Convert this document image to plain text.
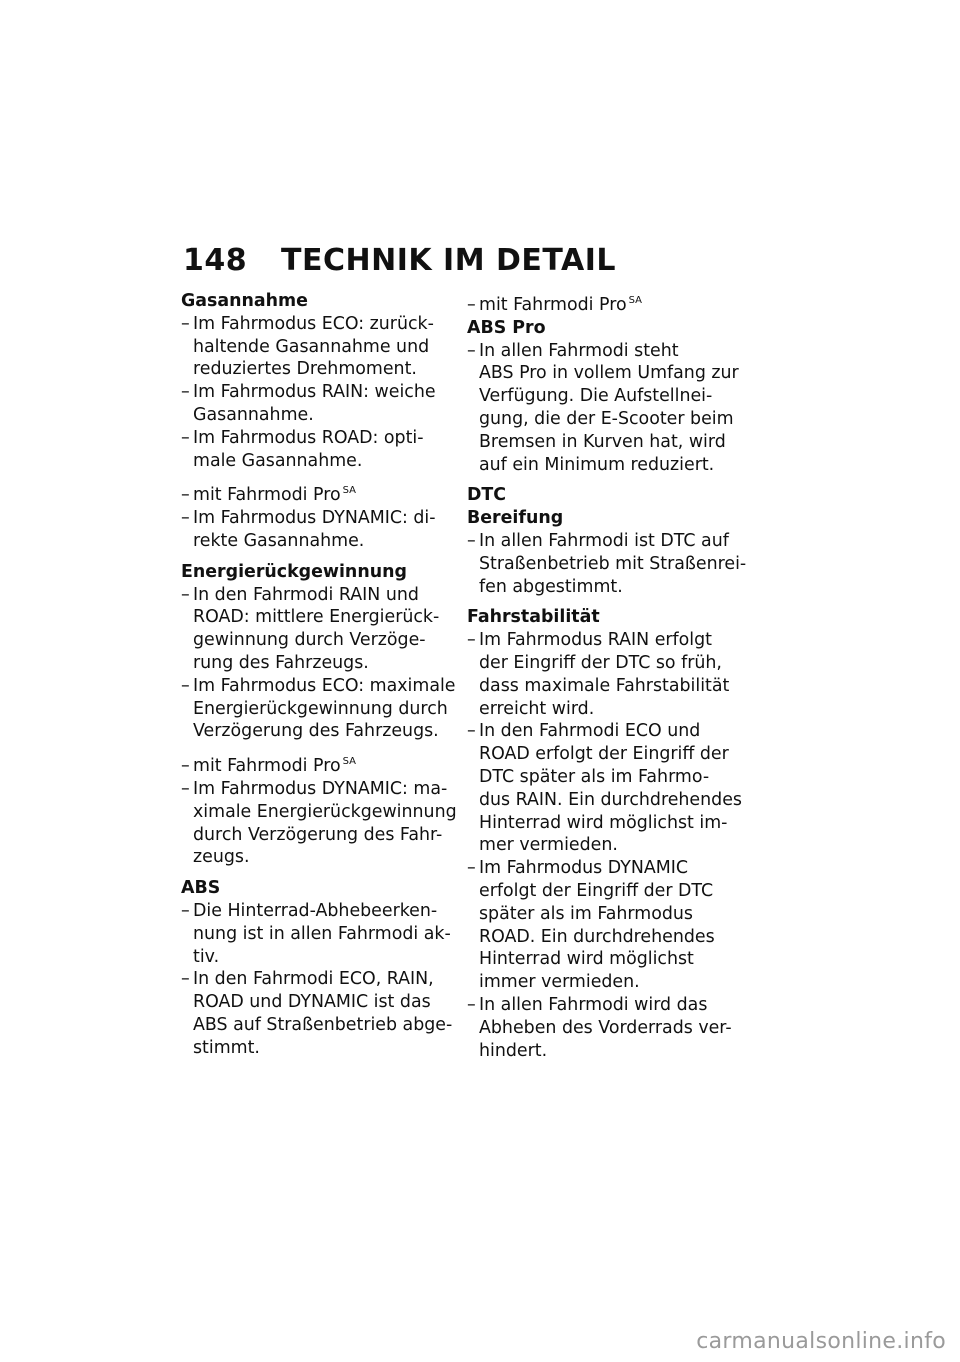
148 TECHNIK IM DETAIL
Gasannahme
– Im Fahrmodus ECO: zurück-
haltende Gasannahme und
reduziertes Drehmoment.
– Im Fahrmodus RAIN: weiche
Gasannahme.
– Im Fahrmodus ROAD: opti-
male Gasannahme.
– mit Fahrmodi Pro $^{SA}$
– Im Fahrmodus DYNAMIC: di-
rekte Gasannahme.
Energierückgewinnung
– In den Fahrmodi RAIN und
ROAD: mittlere Energierück-
gewinnung durch Verzöge-
rung des Fahrzeugs.
– Im Fahrmodus ECO: maximale
Energierückgewinnung durch
Verzögerung des Fahrzeugs.
– mit Fahrmodi Pro $^{SA}$
– Im Fahrmodus DYNAMIC: ma-
ximale Energierückgewinnung
durch Verzögerung des Fahr-
zeugs.
ABS
– Die Hinterrad-Abhebeerken-
nung ist in allen Fahrmodi ak-
tiv.
– In den Fahrmodi ECO, RAIN,
ROAD und DYNAMIC ist das
ABS auf Straßenbetrieb abge-
stimmt.
– mit Fahrmodi Pro $^{SA}$
ABS Pro
– In allen Fahrmodi steht
ABS Pro in vollem Umfang zur
Verfügung. Die Aufstellnei-
gung, die der E-Scooter beim
Bremsen in Kurven hat, wird
auf ein Minimum reduziert.
DTC
Bereifung
– In allen Fahrmodi ist DTC auf
Straßenbetrieb mit Straßenrei-
fen abgestimmt.
Fahrstabilität
– Im Fahrmodus RAIN erfolgt
der Eingriff der DTC so früh,
dass maximale Fahrstabilität
erreicht wird.
– In den Fahrmodi ECO und
ROAD erfolgt der Eingriff der
DTC später als im Fahrmo-
dus RAIN. Ein durchdrehendes
Hinterrad wird möglichst im-
mer vermieden.
– Im Fahrmodus DYNAMIC
erfolgt der Eingriff der DTC
später als im Fahrmodus
ROAD. Ein durchdrehendes
Hinterrad wird möglichst
immer vermieden.
– In allen Fahrmodi wird das
Abheben des Vorderrads ver-
hindert.
carmanualsonline.info
